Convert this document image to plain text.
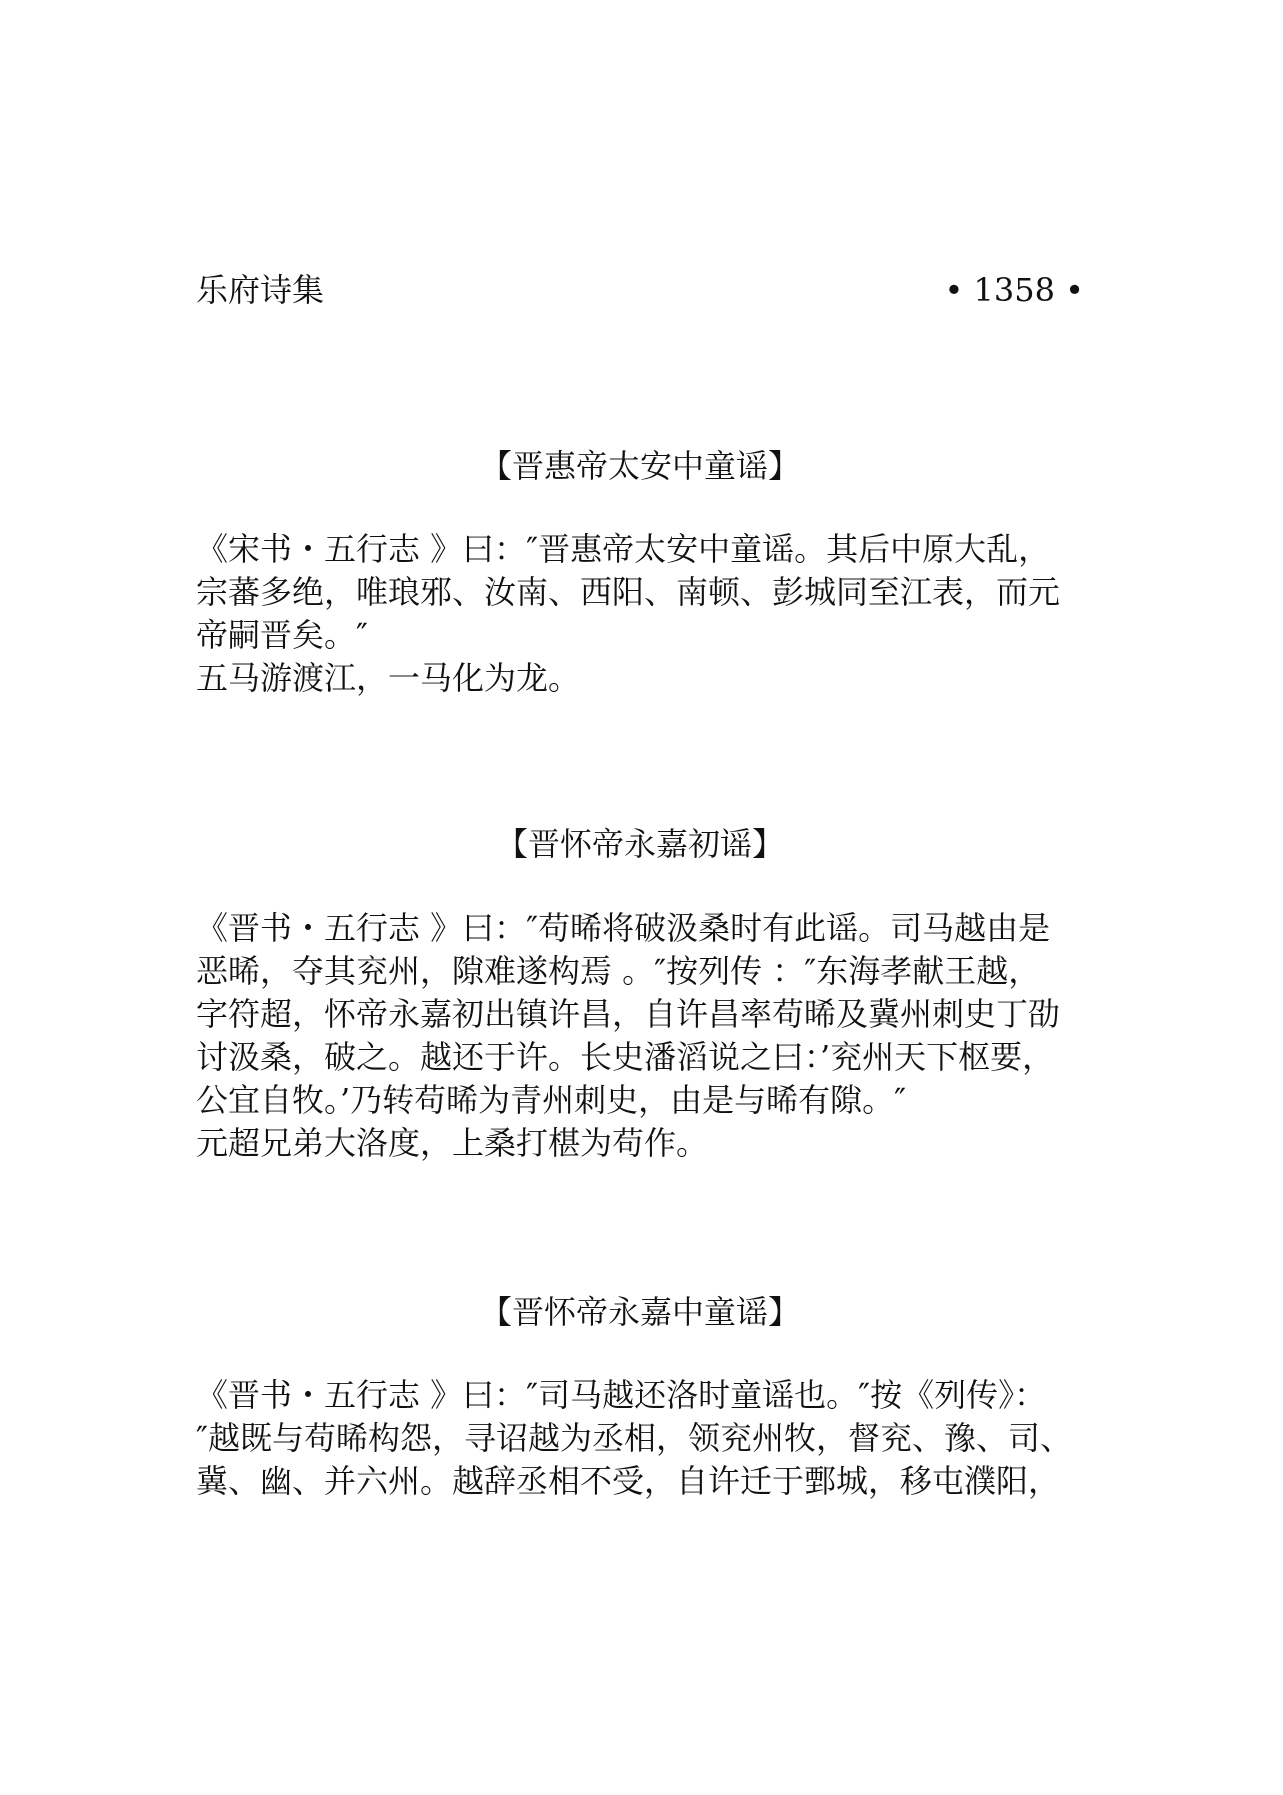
乐府诗集	• 1358 •
【晋惠帝太安中童谣】
《宋书・五行志 》曰：″晋惠帝太安中童谣。其后中原大乱，
宗蕃多绝，唯琅邪、汝南、西阳、南顿、彭城同至江表，而元
帝嗣晋矣。″
五马游渡江，一马化为龙。
【晋怀帝永嘉初谣】
《晋书・五行志 》曰：″苟晞将破汲桑时有此谣。司马越由是
恶晞，夺其兖州，隙难遂构焉 。″按列传 ：″东海孝献王越，
字符超，怀帝永嘉初出镇许昌，自许昌率苟晞及冀州刺史丁劭
讨汲桑，破之。越还于许。长史潘滔说之曰：’兖州天下枢要，
公宜自牧。’乃转苟晞为青州刺史，由是与晞有隙。″
元超兄弟大洛度，上桑打椹为苟作。
【晋怀帝永嘉中童谣】
《晋书・五行志 》曰：″司马越还洛时童谣也。″按《列传》：
″越既与苟晞构怨，寻诏越为丞相，领兖州牧，督兖、豫、司、
冀、幽、并六州。越辞丞相不受，自许迁于鄄城，移屯濮阳，
